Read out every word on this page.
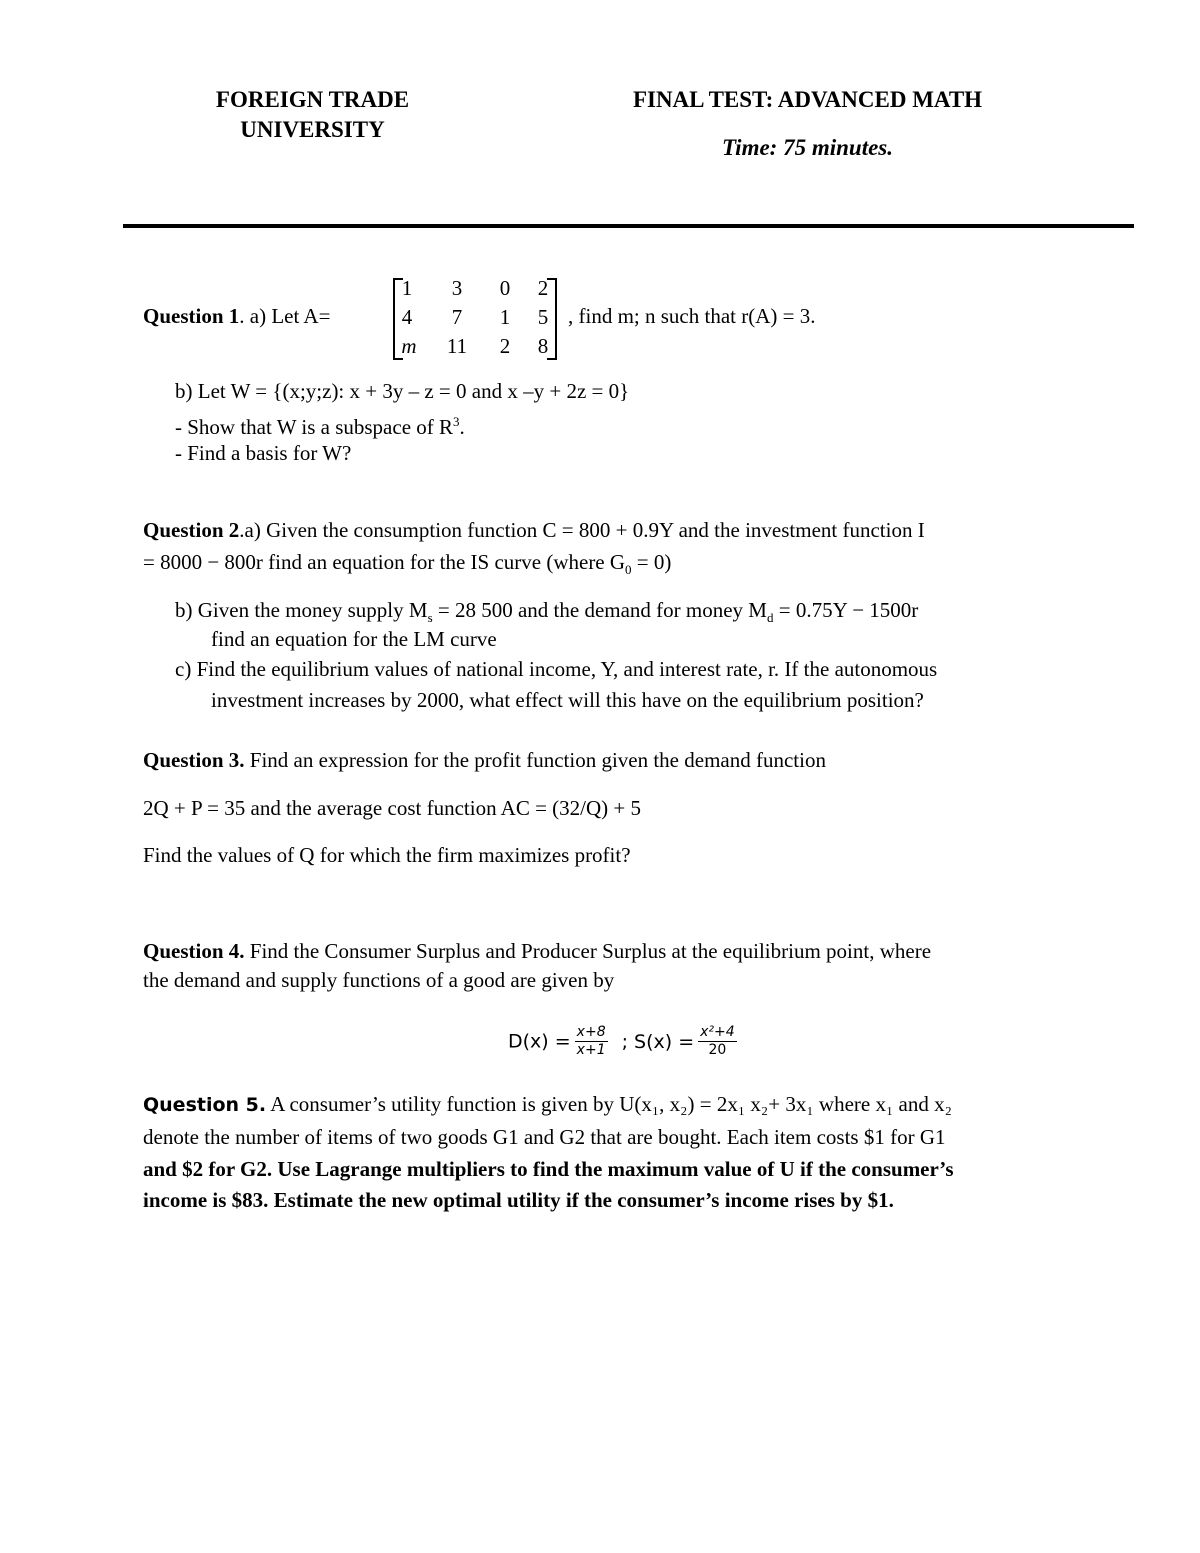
FOREIGN TRADE
UNIVERSITY
FINAL TEST: ADVANCED MATH
Time: 75 minutes.
Question 1. a) Let A=
1	3	0	2
4	7	1	5
m	11	2	8
, find m; n such that r(A) = 3.
b) Let W = {(x;y;z): x + 3y – z = 0 and x –y + 2z = 0}
- Show that W is a subspace of $R^3$.
- Find a basis for W?
Question 2.a) Given the consumption function C = 800 + 0.9Y and the investment function I
= 8000 − 800r find an equation for the IS curve (where $G_0 = 0$)
b) Given the money supply $M_s = 28$ 500 and the demand for money $M_d = 0.75Y - 1500r$
find an equation for the LM curve
c) Find the equilibrium values of national income, Y, and interest rate, r. If the autonomous
investment increases by 2000, what effect will this have on the equilibrium position?
Question 3. Find an expression for the profit function given the demand function
2Q + P = 35 and the average cost function AC = (32/Q) + 5
Find the values of Q for which the firm maximizes profit?
Question 4. Find the Consumer Surplus and Producer Surplus at the equilibrium point, where
the demand and supply functions of a good are given by
$D(x) = \frac{x+8}{x+1}$ ; $S(x) = \frac{\text{x²+4}}{20}$
Question 5. A consumer’s utility function is given by U(x₁, x₂) = 2x₁ x₂+ 3x₁ where x₁ and x₂
denote the number of items of two goods G1 and G2 that are bought. Each item costs $1 for G1
and $2 for G2. Use Lagrange multipliers to find the maximum value of U if the consumer’s
income is $83. Estimate the new optimal utility if the consumer’s income rises by $1.
